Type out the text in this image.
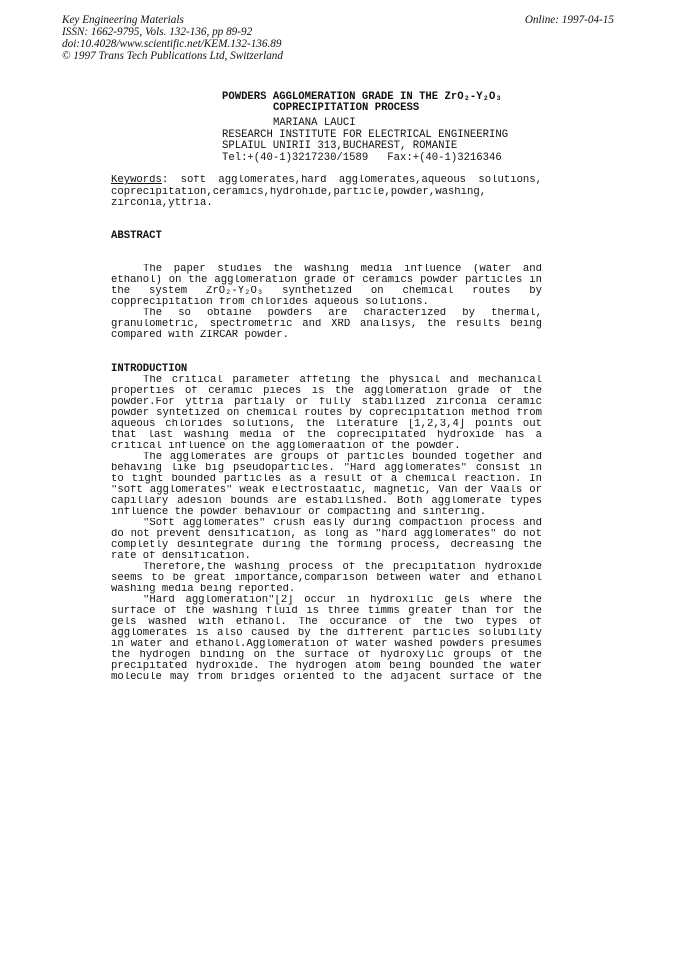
Key Engineering Materials
ISSN: 1662-9795, Vols. 132-136, pp 89-92
doi:10.4028/www.scientific.net/KEM.132-136.89
© 1997 Trans Tech Publications Ltd, Switzerland
Online: 1997-04-15
POWDERS AGGLOMERATION GRADE IN THE ZrO₂-Y₂O₃
COPRECIPITATION PROCESS
MARIANA LAUCI
RESEARCH INSTITUTE FOR ELECTRICAL ENGINEERING
SPLAIUL UNIRII 313,BUCHAREST, ROMANIE
Tel:+(40-1)3217230/1589   Fax:+(40-1)3216346
Keywords: soft agglomerates,hard agglomerates,aqueous solutions,
coprecipitation,ceramics,hydrohide,particle,powder,washing,
zirconia,yttria.
ABSTRACT
The paper studies the washing media influence (water and
ethanol) on the agglomeration grade of ceramics powder particles in
the system ZrO₂-Y₂O₃ synthetized on chemical routes by
copprecipitation from chlorides aqueous solutions.
The so obtaine powders are characterized by thermal,
granulometric, spectrometric and XRD analisys, the results being
compared with ZIRCAR powder.
INTRODUCTION
The critical parameter affeting the physical and mechanical
properties of ceramic pieces is the agglomeration grade of the
powder.For yttria partialy or fully stabilized zirconia ceramic
powder syntetized on chemical routes by coprecipitation method from
aqueous chlorides solutions, the literature [1,2,3,4] points out
that last washing media of the coprecipitated hydroxide has a
critical influence on the agglomeraation of the powder.
The agglomerates are groups of particles bounded together and
behaving like big pseudoparticles. "Hard agglomerates" consist in
to tight bounded particles as a result of a chemical reaction. In
"soft agglomerates" weak electrostaatic, magnetic, Van der Vaals or
capillary adesion bounds are estabilished. Both agglomerate types
influence the powder behaviour or compacting and sintering.
"Soft agglomerates" crush easly during compaction process and
do not prevent densification, as long as "hard agglomerates" do not
completly desintegrate during the forming process, decreasing the
rate of densification.
Therefore,the washing process of the precipitation hydroxide
seems to be great importance,comparison between water and ethanol
washing media being reported.
"Hard agglomeration"[2] occur in hydroxilic gels where the
surface of the washing fluid is three timms greater than for the
gels washed with ethanol. The occurance of the two types of
agglomerates is also caused by the different particles solubility
in water and ethanol.Agglomeration of water washed powders presumes
the hydrogen binding on the surface of hydroxylic groups of the
precipitated hydroxide. The hydrogen atom being bounded the water
molecule may from bridges oriented to the adjacent surface of the
